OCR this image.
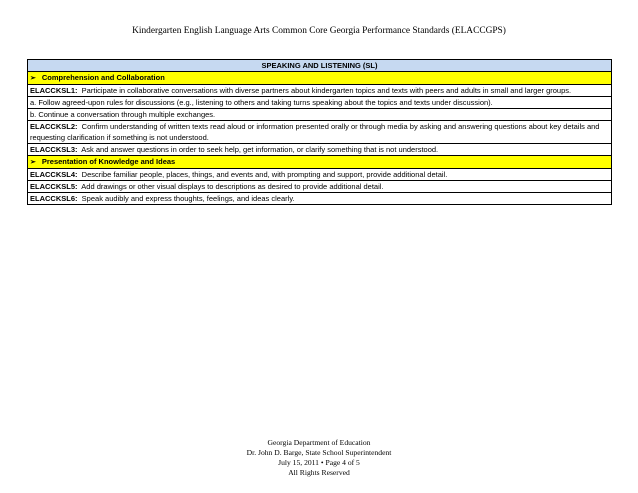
Kindergarten English Language Arts Common Core Georgia Performance Standards (ELACCGPS)
SPEAKING AND LISTENING (SL)
➢ Comprehension and Collaboration
ELACCKSL1:  Participate in collaborative conversations with diverse partners about kindergarten topics and texts with peers and adults in small and larger groups.
a. Follow agreed-upon rules for discussions (e.g., listening to others and taking turns speaking about the topics and texts under discussion).
b. Continue a conversation through multiple exchanges.
ELACCKSL2:  Confirm understanding of written texts read aloud or information presented orally or through media by asking and answering questions about key details and requesting clarification if something is not understood.
ELACCKSL3:  Ask and answer questions in order to seek help, get information, or clarify something that is not understood.
➢ Presentation of Knowledge and Ideas
ELACCKSL4:  Describe familiar people, places, things, and events and, with prompting and support, provide additional detail.
ELACCKSL5:  Add drawings or other visual displays to descriptions as desired to provide additional detail.
ELACCKSL6:  Speak audibly and express thoughts, feelings, and ideas clearly.
Georgia Department of Education
Dr. John D. Barge, State School Superintendent
July 15, 2011 • Page 4 of 5
All Rights Reserved
